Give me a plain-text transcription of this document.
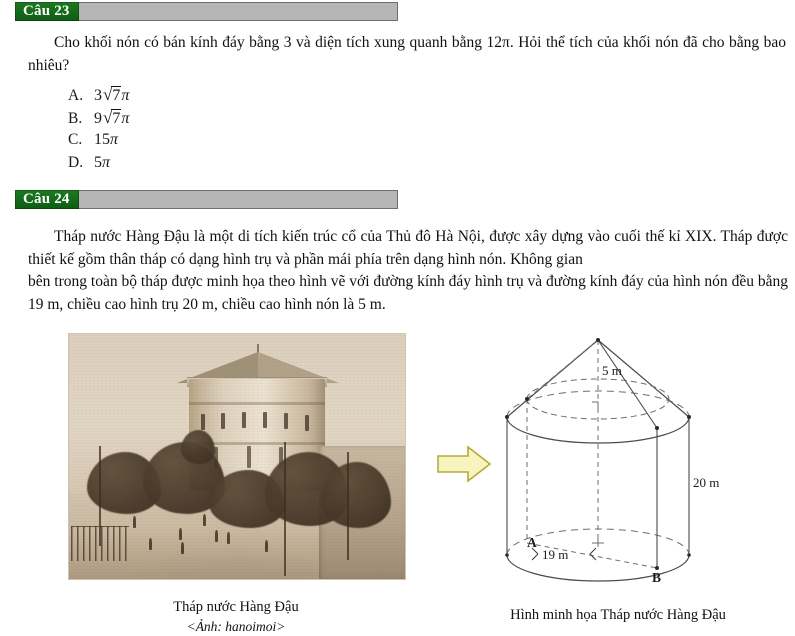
Câu 23
Cho khối nón có bán kính đáy bằng 3 và diện tích xung quanh bằng 12π. Hỏi thể tích của khối nón đã cho bằng bao nhiêu?
A. 3√7π
B. 9√7π
C. 15π
D. 5π
Câu 24
Tháp nước Hàng Đậu là một di tích kiến trúc cổ của Thủ đô Hà Nội, được xây dựng vào cuối thế kỉ XIX. Tháp được thiết kế gồm thân tháp có dạng hình trụ và phần mái phía trên dạng hình nón. Không gian
bên trong toàn bộ tháp được minh họa theo hình vẽ với đường kính đáy hình trụ và đường kính đáy của hình nón đều bằng 19 m, chiều cao hình trụ 20 m, chiều cao hình nón là 5 m.
Tháp nước Hàng Đậu
<Ảnh: hanoimoi>
5 m
20 m
19 m
A
B
Hình minh họa Tháp nước Hàng Đậu
